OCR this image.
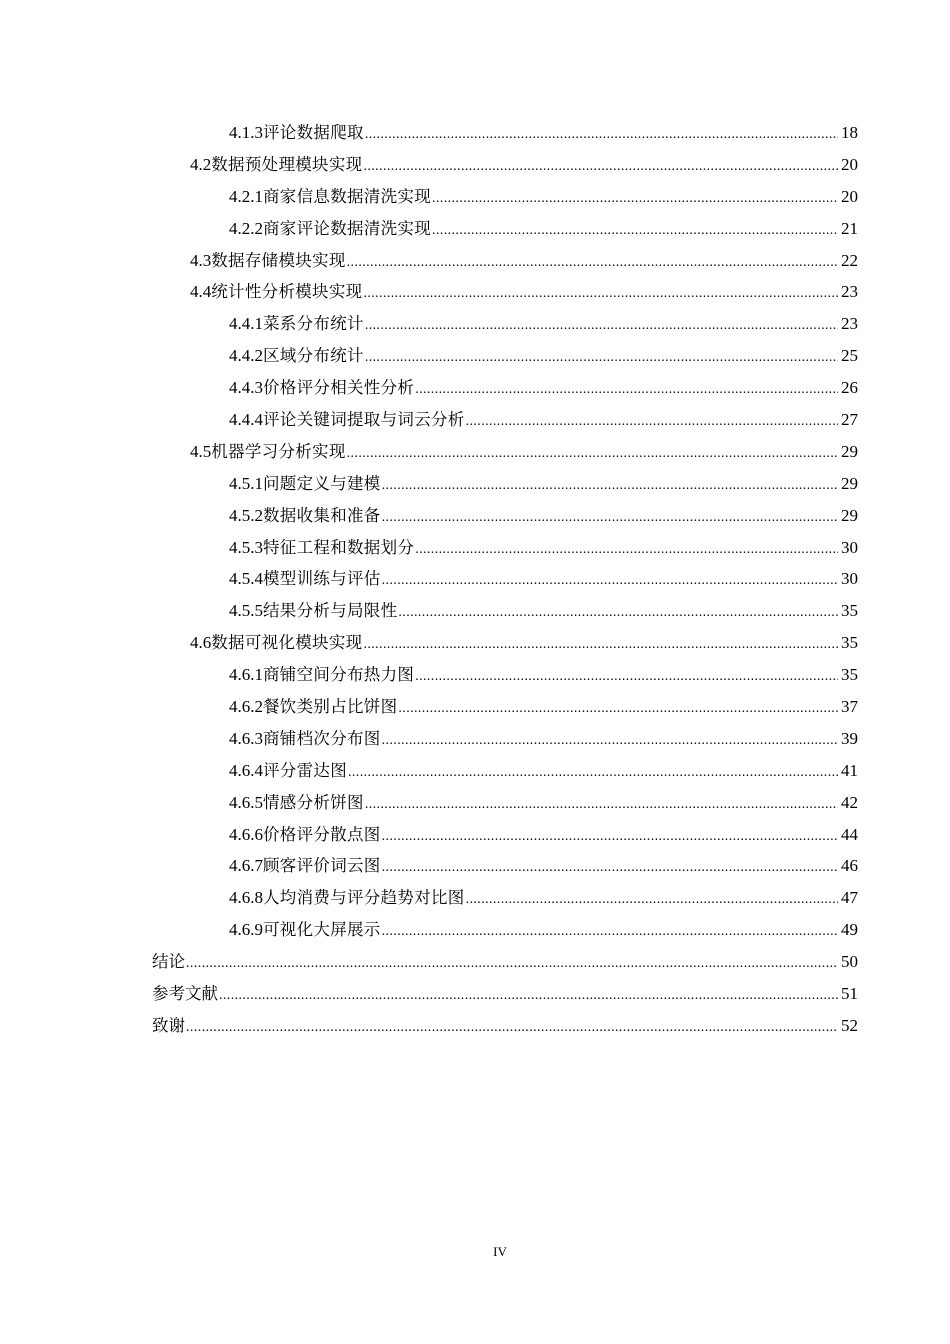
4.1.3 评论数据爬取 .....	18
4.2 数据预处理模块实现 .....	20
4.2.1 商家信息数据清洗实现 .....	20
4.2.2 商家评论数据清洗实现 .....	21
4.3 数据存储模块实现 .....	22
4.4 统计性分析模块实现 .....	23
4.4.1 菜系分布统计 .....	23
4.4.2 区域分布统计 .....	25
4.4.3 价格评分相关性分析 .....	26
4.4.4 评论关键词提取与词云分析 .....	27
4.5 机器学习分析实现 .....	29
4.5.1 问题定义与建模 .....	29
4.5.2 数据收集和准备 .....	29
4.5.3 特征工程和数据划分 .....	30
4.5.4 模型训练与评估 .....	30
4.5.5 结果分析与局限性 .....	35
4.6 数据可视化模块实现 .....	35
4.6.1 商铺空间分布热力图 .....	35
4.6.2 餐饮类别占比饼图 .....	37
4.6.3 商铺档次分布图 .....	39
4.6.4 评分雷达图 .....	41
4.6.5 情感分析饼图 .....	42
4.6.6 价格评分散点图 .....	44
4.6.7 顾客评价词云图 .....	46
4.6.8 人均消费与评分趋势对比图 .....	47
4.6.9 可视化大屏展示 .....	49
结论 .....	50
参考文献 .....	51
致谢 .....	52
IV
